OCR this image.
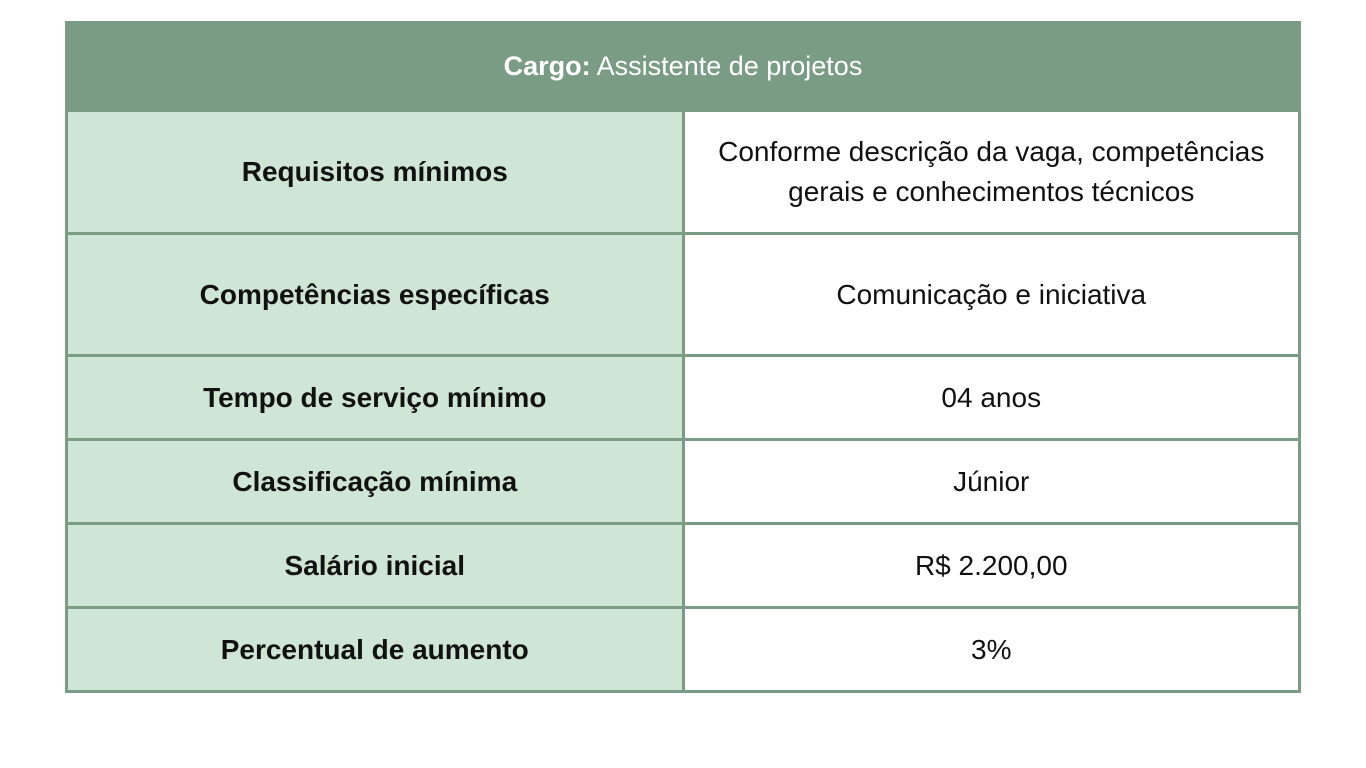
Cargo: Assistente de projetos	
Requisitos mínimos	Conforme descrição da vaga, competências gerais e conhecimentos técnicos
Competências específicas	Comunicação e iniciativa
Tempo de serviço mínimo	04 anos
Classificação mínima	Júnior
Salário inicial	R$ 2.200,00
Percentual de aumento	3%
